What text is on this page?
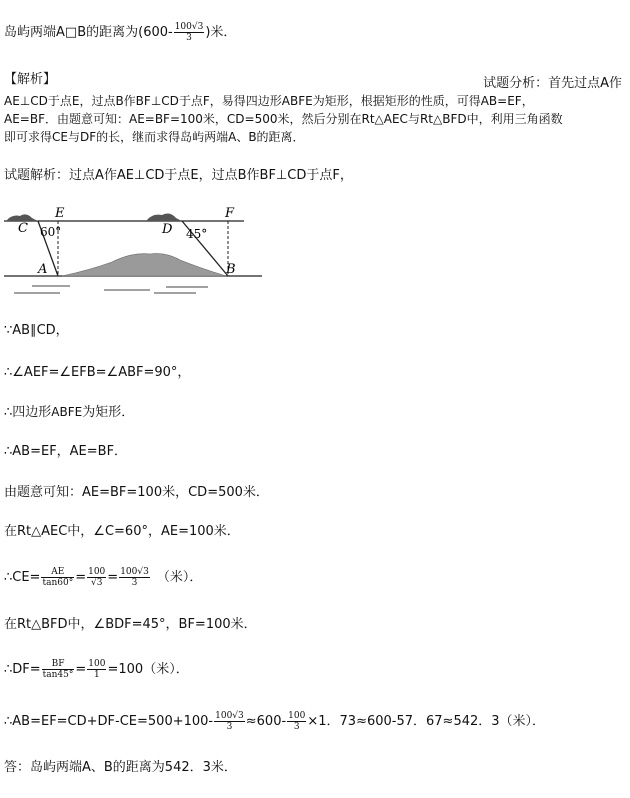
岛屿两端A□B的距离为($600- \frac{100√3}{3}$ )米．
【解析】	试题分析：首先过点A作
AE⊥CD于点E，过点B作BF⊥CD于点F，易得四边形ABFE为矩形，根据矩形的性质，可得AB=EF，
AE=BF．由题意可知：AE=BF=100米，CD=500米，然后分别在Rt△AEC与Rt△BFD中，利用三角函数
即可求得CE与DF的长，继而求得岛屿两端A、B的距离．
试题解析：过点A作AE⊥CD于点E，过点B作BF⊥CD于点F，
C
E
D
F
A	B
60°	45°
∵AB∥CD，
∴∠AEF=∠EFB=∠ABF=90°，
∴四边形ABFE为矩形．
∴AB=EF，AE=BF．
由题意可知：AE=BF=100米，CD=500米．
在Rt△AEC中，∠C=60°，AE=100米．
∴CE= $\frac{AE}{\tan 60^\circ} = \frac{100}{√3} = \frac{100√3}{3}$ （米）．
在Rt△BFD中，∠BDF=45°，BF=100米．
∴DF= $\frac{BF}{\tan 45^\circ} = \frac{100}{1} =100$（米）．
∴AB=EF=CD+DF-CE=500+100- $\frac{100√3}{3} \approx 600- \frac{100}{3} \times 1$．73≈600-57．67≈542．3（米）．
答：岛屿两端A、B的距离为542．3米．
